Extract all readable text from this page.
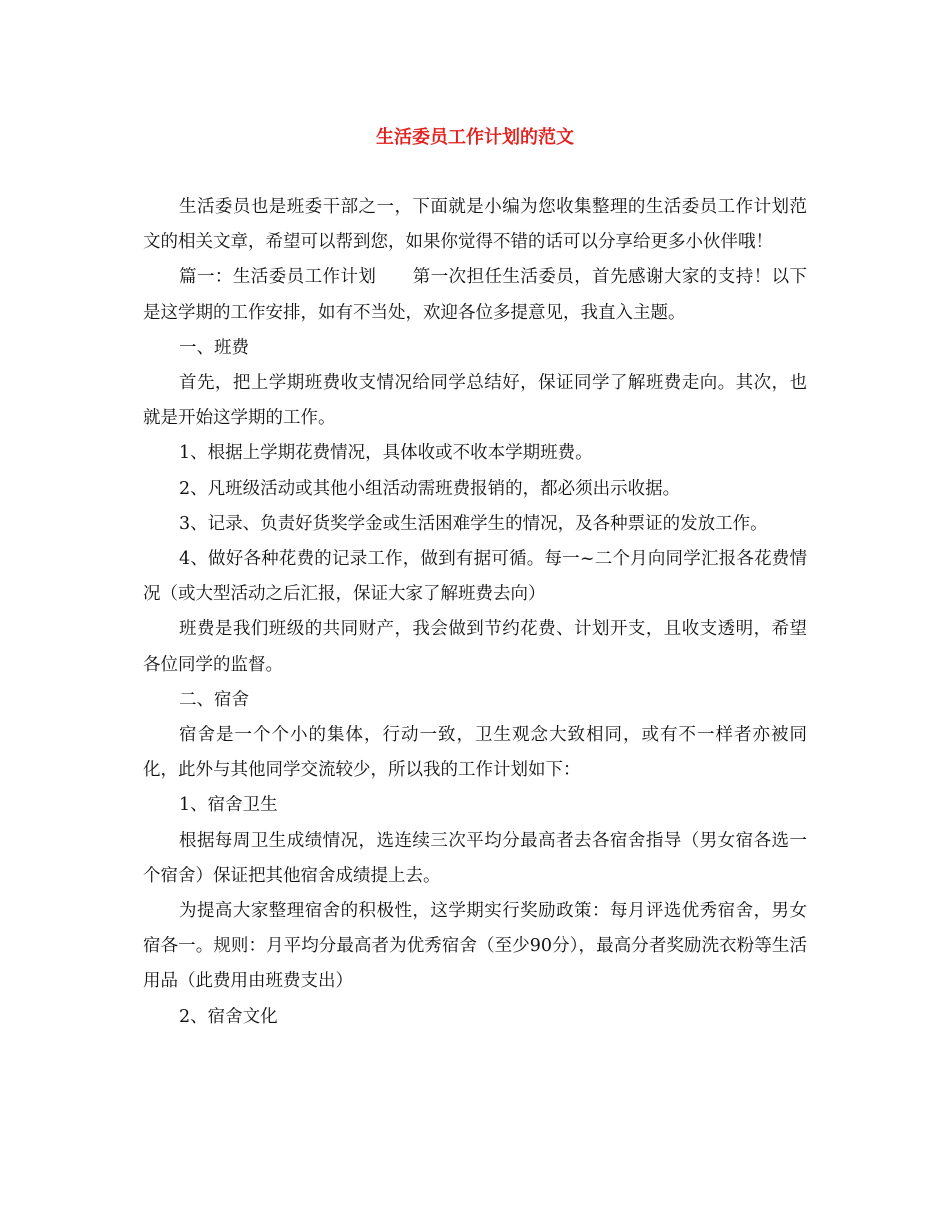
生活委员工作计划的范文

生活委员也是班委干部之一，下面就是小编为您收集整理的生活委员工作计划范文的相关文章，希望可以帮到您，如果你觉得不错的话可以分享给更多小伙伴哦！

篇一：生活委员工作计划 第一次担任生活委员，首先感谢大家的支持！以下是这学期的工作安排，如有不当处，欢迎各位多提意见，我直入主题。

一、班费

首先，把上学期班费收支情况给同学总结好，保证同学了解班费走向。其次，也就是开始这学期的工作。

1、根据上学期花费情况，具体收或不收本学期班费。

2、凡班级活动或其他小组活动需班费报销的，都必须出示收据。

3、记录、负责好货奖学金或生活困难学生的情况，及各种票证的发放工作。

4、做好各种花费的记录工作，做到有据可循。每一~二个月向同学汇报各花费情况（或大型活动之后汇报，保证大家了解班费去向）

班费是我们班级的共同财产，我会做到节约花费、计划开支，且收支透明，希望各位同学的监督。

二、宿舍

宿舍是一个个小的集体，行动一致，卫生观念大致相同，或有不一样者亦被同化，此外与其他同学交流较少，所以我的工作计划如下：

1、宿舍卫生

根据每周卫生成绩情况，选连续三次平均分最高者去各宿舍指导（男女宿各选一个宿舍）保证把其他宿舍成绩提上去。

为提高大家整理宿舍的积极性，这学期实行奖励政策：每月评选优秀宿舍，男女宿各一。规则：月平均分最高者为优秀宿舍（至少90分），最高分者奖励洗衣粉等生活用品（此费用由班费支出）

2、宿舍文化
